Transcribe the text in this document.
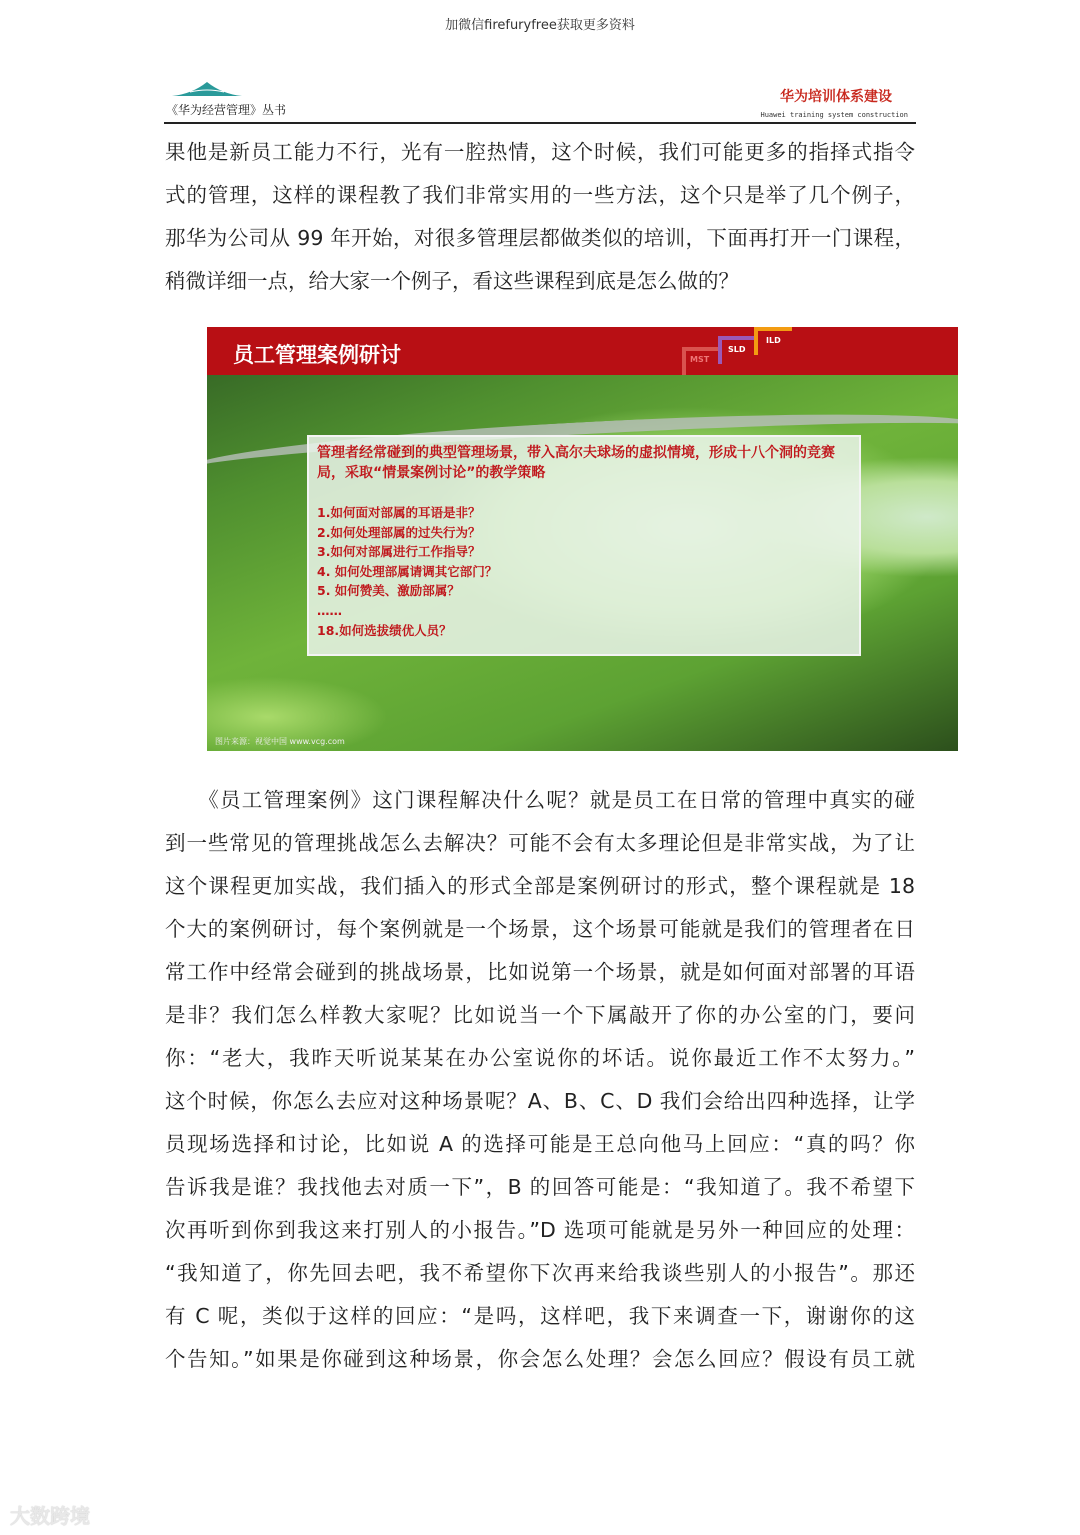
加微信firefuryfree获取更多资料
《华为经营管理》丛书
华为培训体系建设
Huawei training system construction
果他是新员工能力不行，光有一腔热情，这个时候，我们可能更多的指择式指令
式的管理，这样的课程教了我们非常实用的一些方法，这个只是举了几个例子，
那华为公司从 99 年开始，对很多管理层都做类似的培训，下面再打开一门课程，
稍微详细一点，给大家一个例子，看这些课程到底是怎么做的？
员工管理案例研讨	MST
SLD
ILD
管理者经常碰到的典型管理场景，带入高尔夫球场的虚拟情境，形成十八个洞的竞赛局，采取“情景案例讨论”的教学策略
1.如何面对部属的耳语是非？
2.如何处理部属的过失行为？
3.如何对部属进行工作指导？
4. 如何处理部属请调其它部门？
5. 如何赞美、激励部属？
……
18.如何选拔绩优人员？
图片来源：视觉中国 www.vcg.com
　　《员工管理案例》这门课程解决什么呢？就是员工在日常的管理中真实的碰
到一些常见的管理挑战怎么去解决？可能不会有太多理论但是非常实战，为了让
这个课程更加实战，我们插入的形式全部是案例研讨的形式，整个课程就是 18
个大的案例研讨，每个案例就是一个场景，这个场景可能就是我们的管理者在日
常工作中经常会碰到的挑战场景，比如说第一个场景，就是如何面对部署的耳语
是非？我们怎么样教大家呢？比如说当一个下属敲开了你的办公室的门，要问
你：“老大，我昨天听说某某在办公室说你的坏话。说你最近工作不太努力。”
这个时候，你怎么去应对这种场景呢？A、B、C、D 我们会给出四种选择，让学
员现场选择和讨论，比如说 A 的选择可能是王总向他马上回应：“真的吗？你
告诉我是谁？我找他去对质一下”，B 的回答可能是：“我知道了。我不希望下
次再听到你到我这来打别人的小报告。”D 选项可能就是另外一种回应的处理：
“我知道了，你先回去吧，我不希望你下次再来给我谈些别人的小报告”。那还
有 C 呢，类似于这样的回应：“是吗，这样吧，我下来调查一下，谢谢你的这
个告知。”如果是你碰到这种场景，你会怎么处理？会怎么回应？假设有员工就
大数跨境
